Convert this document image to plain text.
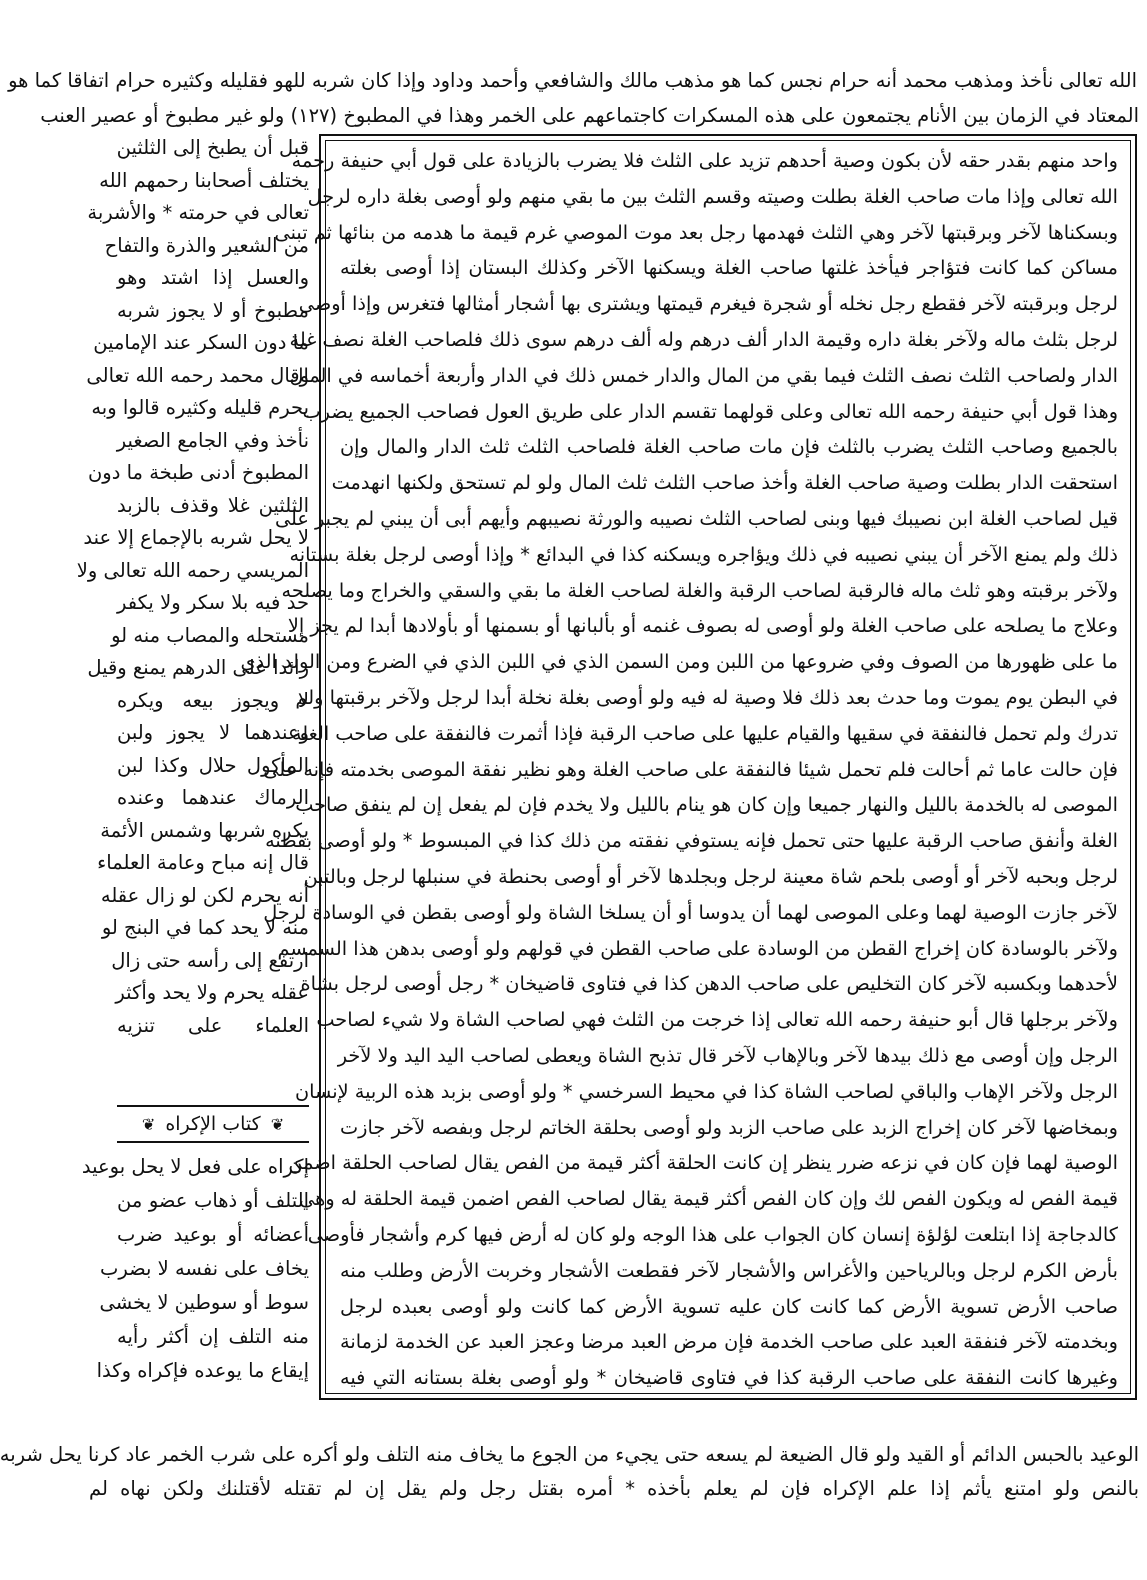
الله تعالى نأخذ ومذهب محمد أنه حرام نجس كما هو مذهب مالك والشافعي وأحمد وداود وإذا كان شربه للهو فقليله وكثيره حرام اتفاقا كما هو
المعتاد في الزمان بين الأنام يجتمعون على هذه المسكرات كاجتماعهم على الخمر وهذا في المطبوخ (١٢٧) ولو غير مطبوخ أو عصير العنب
واحد منهم بقدر حقه لأن بكون وصية أحدهم تزيد على الثلث فلا يضرب بالزيادة على قول أبي حنيفة رحمه
الله تعالى وإذا مات صاحب الغلة بطلت وصيته وقسم الثلث بين ما بقي منهم ولو أوصى بغلة داره لرجل
وبسكناها لآخر وبرقبتها لآخر وهي الثلث فهدمها رجل بعد موت الموصي غرم قيمة ما هدمه من بنائها ثم تبنى
مساكن كما كانت فتؤاجر فيأخذ غلتها صاحب الغلة ويسكنها الآخر وكذلك البستان إذا أوصى بغلته
لرجل وبرقبته لآخر فقطع رجل نخله أو شجرة فيغرم قيمتها ويشترى بها أشجار أمثالها فتغرس وإذا أوصى
لرجل بثلث ماله ولآخر بغلة داره وقيمة الدار ألف درهم وله ألف درهم سوى ذلك فلصاحب الغلة نصف غلة
الدار ولصاحب الثلث نصف الثلث فيما بقي من المال والدار خمس ذلك في الدار وأربعة أخماسه في المال
وهذا قول أبي حنيفة رحمه الله تعالى وعلى قولهما تقسم الدار على طريق العول فصاحب الجميع يضرب
بالجميع وصاحب الثلث يضرب بالثلث فإن مات صاحب الغلة فلصاحب الثلث ثلث الدار والمال وإن
استحقت الدار بطلت وصية صاحب الغلة وأخذ صاحب الثلث ثلث المال ولو لم تستحق ولكنها انهدمت
قيل لصاحب الغلة ابن نصيبك فيها وبنى لصاحب الثلث نصيبه والورثة نصيبهم وأيهم أبى أن يبني لم يجبر على
ذلك ولم يمنع الآخر أن يبني نصيبه في ذلك ويؤاجره ويسكنه كذا في البدائع * وإذا أوصى لرجل بغلة بستانه
ولآخر برقبته وهو ثلث ماله فالرقبة لصاحب الرقبة والغلة لصاحب الغلة ما بقي والسقي والخراج وما يصلحه
وعلاج ما يصلحه على صاحب الغلة ولو أوصى له بصوف غنمه أو بألبانها أو بسمنها أو بأولادها أبدا لم يجز إلا
ما على ظهورها من الصوف وفي ضروعها من اللبن ومن السمن الذي في اللبن الذي في الضرع ومن الولد الذي
في البطن يوم يموت وما حدث بعد ذلك فلا وصية له فيه ولو أوصى بغلة نخلة أبدا لرجل ولآخر برقبتها ولم
تدرك ولم تحمل فالنفقة في سقيها والقيام عليها على صاحب الرقبة فإذا أثمرت فالنفقة على صاحب الغلة
فإن حالت عاما ثم أحالت فلم تحمل شيئا فالنفقة على صاحب الغلة وهو نظير نفقة الموصى بخدمته فإنه على
الموصى له بالخدمة بالليل والنهار جميعا وإن كان هو ينام بالليل ولا يخدم فإن لم يفعل إن لم ينفق صاحب
الغلة وأنفق صاحب الرقبة عليها حتى تحمل فإنه يستوفي نفقته من ذلك كذا في المبسوط * ولو أوصى بقطنه
لرجل وبحبه لآخر أو أوصى بلحم شاة معينة لرجل وبجلدها لآخر أو أوصى بحنطة في سنبلها لرجل وبالتبن
لآخر جازت الوصية لهما وعلى الموصى لهما أن يدوسا أو أن يسلخا الشاة ولو أوصى بقطن في الوسادة لرجل
ولآخر بالوسادة كان إخراج القطن من الوسادة على صاحب القطن في قولهم ولو أوصى بدهن هذا السمسم
لأحدهما وبكسبه لآخر كان التخليص على صاحب الدهن كذا في فتاوى قاضيخان * رجل أوصى لرجل بشاة
ولآخر برجلها قال أبو حنيفة رحمه الله تعالى إذا خرجت من الثلث فهي لصاحب الشاة ولا شيء لصاحب
الرجل وإن أوصى مع ذلك بيدها لآخر وبالإهاب لآخر قال تذبح الشاة ويعطى لصاحب اليد اليد ولا لآخر
الرجل ولآخر الإهاب والباقي لصاحب الشاة كذا في محيط السرخسي * ولو أوصى بزبد هذه الربية لإنسان
وبمخاضها لآخر كان إخراج الزبد على صاحب الزبد ولو أوصى بحلقة الخاتم لرجل وبفصه لآخر جازت
الوصية لهما فإن كان في نزعه ضرر ينظر إن كانت الحلقة أكثر قيمة من الفص يقال لصاحب الحلقة اضمن
قيمة الفص له ويكون الفص لك وإن كان الفص أكثر قيمة يقال لصاحب الفص اضمن قيمة الحلقة له وهي
كالدجاجة إذا ابتلعت لؤلؤة إنسان كان الجواب على هذا الوجه ولو كان له أرض فيها كرم وأشجار فأوصى
بأرض الكرم لرجل وبالرياحين والأغراس والأشجار لآخر فقطعت الأشجار وخربت الأرض وطلب منه
صاحب الأرض تسوية الأرض كما كانت كان عليه تسوية الأرض كما كانت ولو أوصى بعبده لرجل
وبخدمته لآخر فنفقة العبد على صاحب الخدمة فإن مرض العبد مرضا وعجز العبد عن الخدمة لزمانة
وغيرها كانت النفقة على صاحب الرقبة كذا في فتاوى قاضيخان * ولو أوصى بغلة بستانه التي فيه
قبل أن يطبخ إلى الثلثين
يختلف أصحابنا رحمهم الله
تعالى في حرمته * والأشربة
من الشعير والذرة والتفاح
والعسل إذا اشتد وهو
مطبوخ أو لا يجوز شربه
ما دون السكر عند الإمامين
وقال محمد رحمه الله تعالى
يحرم قليله وكثيره قالوا وبه
نأخذ وفي الجامع الصغير
المطبوخ أدنى طبخة ما دون
الثلثين غلا وقذف بالزبد
لا يحل شربه بالإجماع إلا عند
المريسي رحمه الله تعالى ولا
حد فيه بلا سكر ولا يكفر
مستحله والمصاب منه لو
زائدا على الدرهم يمنع وقيل
لا ويجوز بيعه ويكره
وعندهما لا يجوز ولبن
المأكول حلال وكذا لبن
الرماك عندهما وعنده
يكره شربها وشمس الأئمة
قال إنه مباح وعامة العلماء
أنه يحرم لكن لو زال عقله
منه لا يحد كما في البنج لو
ارتفع إلى رأسه حتى زال
عقله يحرم ولا يحد وأكثر
العلماء على تنزيه
❦
كتاب الإكراه
❦
إكراه على فعل لا يحل بوعيد
التلف أو ذهاب عضو من
أعضائه أو بوعيد ضرب
يخاف على نفسه لا بضرب
سوط أو سوطين لا يخشى
منه التلف إن أكثر رأيه
إيقاع ما يوعده فإكراه وكذا
الوعيد بالحبس الدائم أو القيد ولو قال الضيعة لم يسعه حتى يجيء من الجوع ما يخاف منه التلف ولو أكره على شرب الخمر عاد كرنا يحل شربه
بالنص ولو امتنع يأثم إذا علم الإكراه فإن لم يعلم بأخذه * أمره بقتل رجل ولم يقل إن لم تقتله لأقتلنك ولكن نهاه لم
